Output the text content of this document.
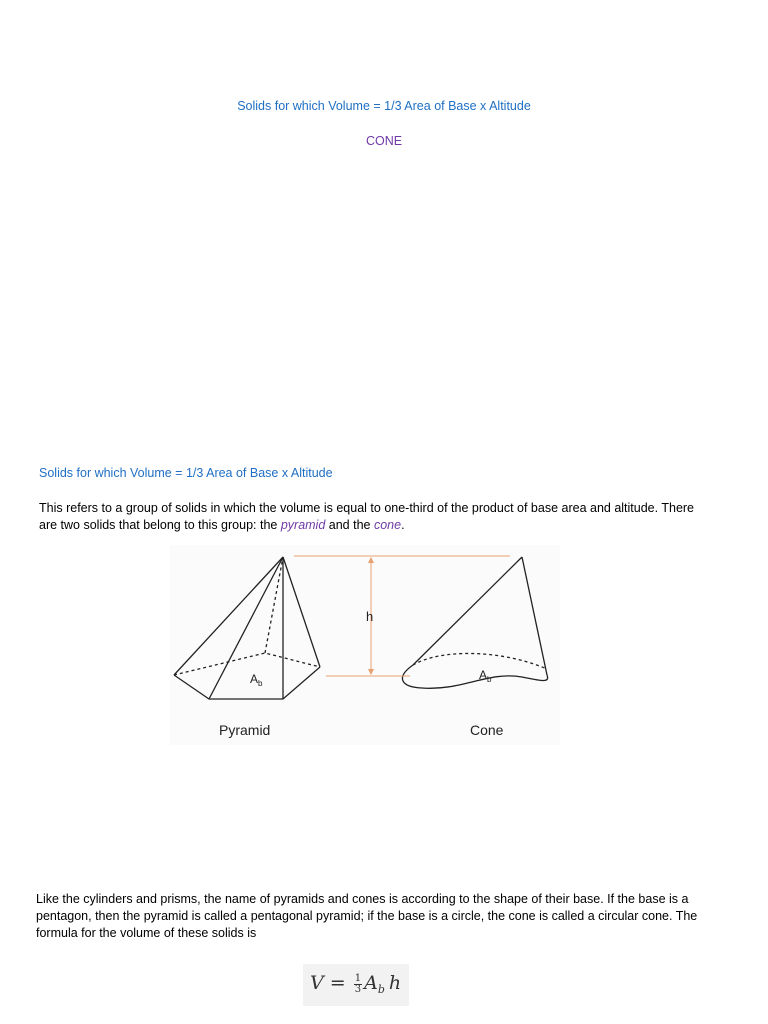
Solids for which Volume = 1/3 Area of Base x Altitude
CONE
Solids for which Volume = 1/3 Area of Base x Altitude
This refers to a group of solids in which the volume is equal to one-third of the product of base area and altitude. There
are two solids that belong to this group: the pyramid and the cone.
h
A b
A b
Pyramid	Cone
Like the cylinders and prisms, the name of pyramids and cones is according to the shape of their base. If the base is a
pentagon, then the pyramid is called a pentagonal pyramid; if the base is a circle, the cone is called a circular cone. The
formula for the volume of these solids is
$V = \frac{1}{3} A_b$ h
